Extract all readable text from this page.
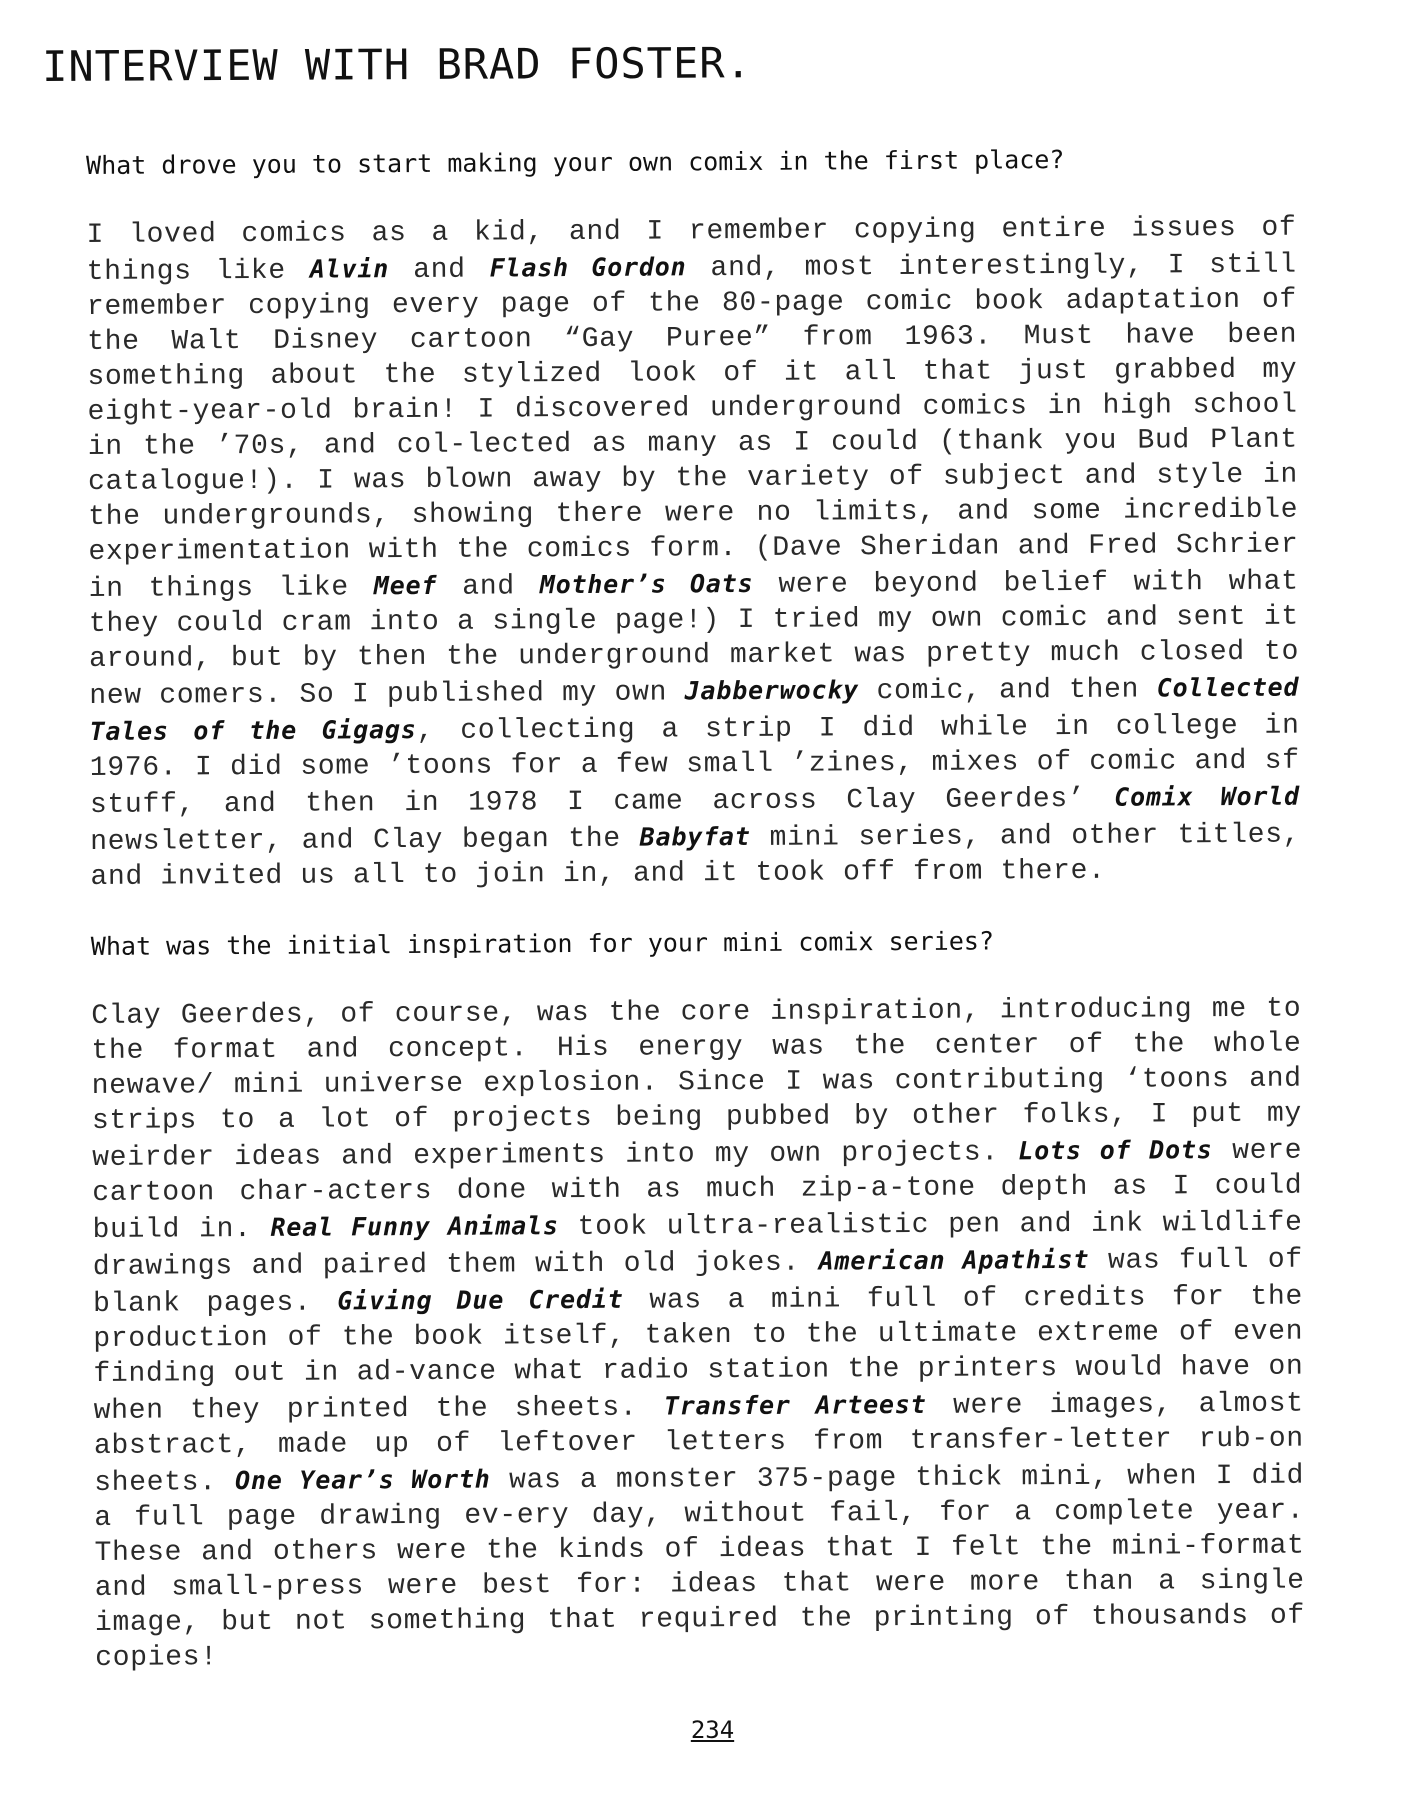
INTERVIEW WITH BRAD FOSTER.

What drove you to start making your own comix in the first place?

I loved comics as a kid, and I remember copying entire issues of things like Alvin and Flash Gordon and, most interestingly, I still remember copying every page of the 80-page comic book adaptation of the Walt Disney cartoon “Gay Puree” from 1963. Must have been something about the stylized look of it all that just grabbed my eight-year-old brain! I discovered underground comics in high school in the ’70s, and col-lected as many as I could (thank you Bud Plant catalogue!). I was blown away by the variety of subject and style in the undergrounds, showing there were no limits, and some incredible experimentation with the comics form. (Dave Sheridan and Fred Schrier in things like Meef and Mother’s Oats were beyond belief with what they could cram into a single page!) I tried my own comic and sent it around, but by then the underground market was pretty much closed to new comers. So I published my own Jabberwocky comic, and then Collected Tales of the Gigags, collecting a strip I did while in college in 1976. I did some ’toons for a few small ’zines, mixes of comic and sf stuff, and then in 1978 I came across Clay Geerdes’ Comix World newsletter, and Clay began the Babyfat mini series, and other titles, and invited us all to join in, and it took off from there.

What was the initial inspiration for your mini comix series?

Clay Geerdes, of course, was the core inspiration, introducing me to the format and concept. His energy was the center of the whole newave/ mini universe explosion. Since I was contributing ‘toons and strips to a lot of projects being pubbed by other folks, I put my weirder ideas and experiments into my own projects. Lots of Dots were cartoon char-acters done with as much zip-a-tone depth as I could build in. Real Funny Animals took ultra-realistic pen and ink wildlife drawings and paired them with old jokes. American Apathist was full of blank pages. Giving Due Credit was a mini full of credits for the production of the book itself, taken to the ultimate extreme of even finding out in ad-vance what radio station the printers would have on when they printed the sheets. Transfer Arteest were images, almost abstract, made up of leftover letters from transfer-letter rub-on sheets. One Year’s Worth was a monster 375-page thick mini, when I did a full page drawing ev-ery day, without fail, for a complete year. These and others were the kinds of ideas that I felt the mini-format and small-press were best for: ideas that were more than a single image, but not something that required the printing of thousands of copies!

234
